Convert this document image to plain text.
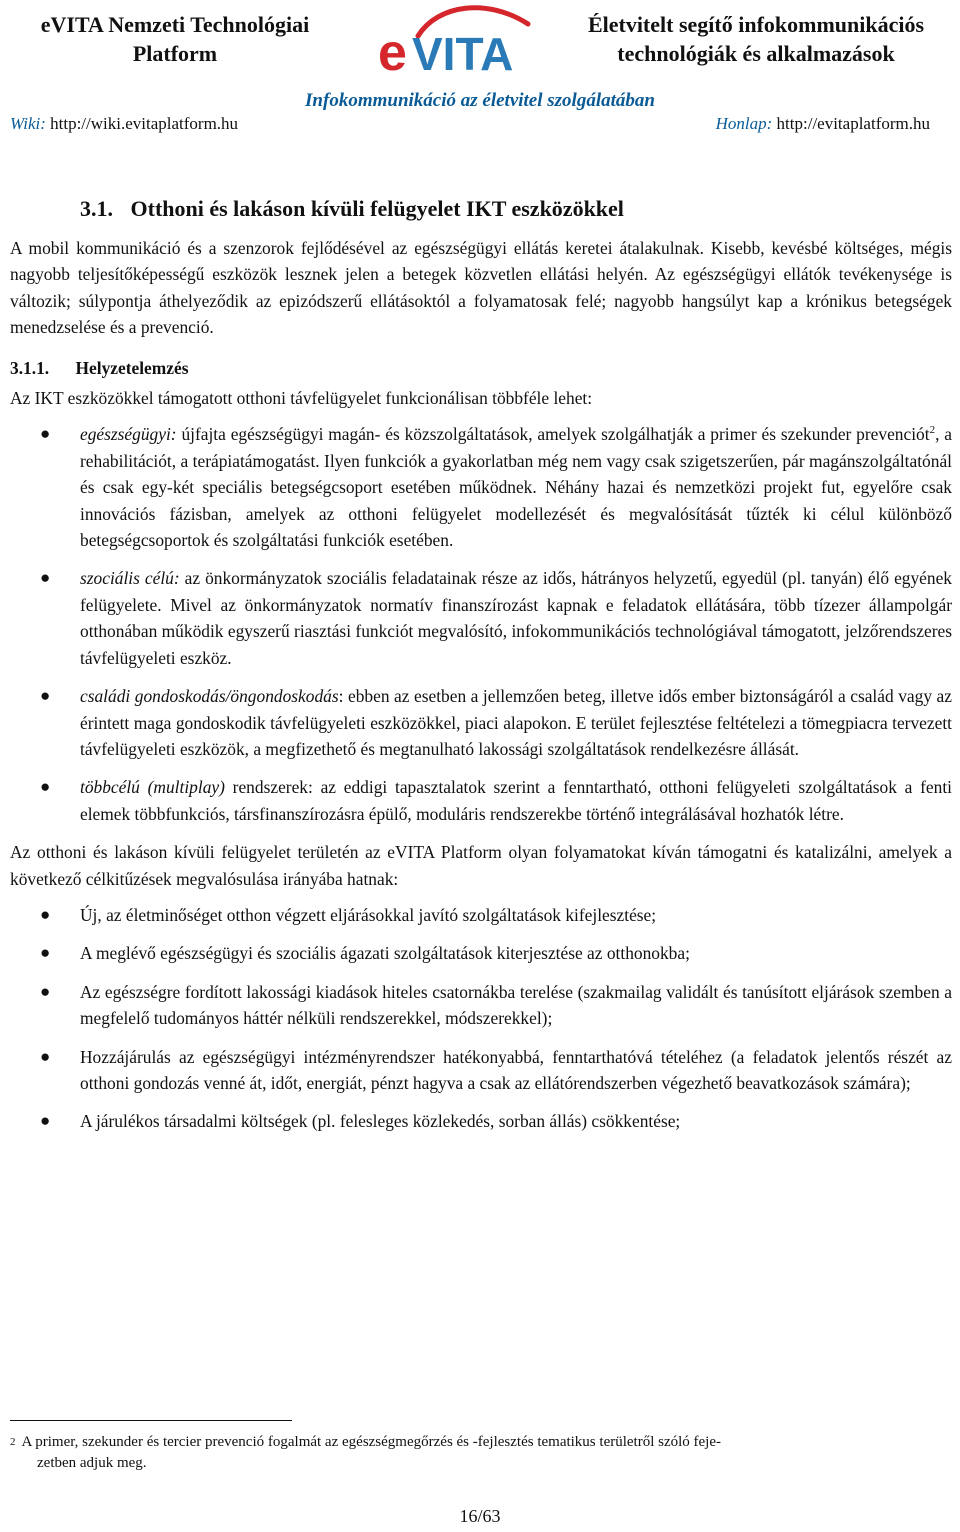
eVITA Nemzeti Technológiai
Platform	e VITA
Életvitelt segítő infokommunikációs
technológiák és alkalmazások
Infokommunikáció az életvitel szolgálatában
Wiki: http://wiki.evitaplatform.hu	Honlap: http://evitaplatform.hu
3.1. Otthoni és lakáson kívüli felügyelet IKT eszközökkel

A mobil kommunikáció és a szenzorok fejlődésével az egészségügyi ellátás keretei átalakulnak. Kisebb, kevésbé költséges, mégis nagyobb teljesítőképességű eszközök lesznek jelen a betegek közvetlen ellátási helyén. Az egészségügyi ellátók tevékenysége is változik; súlypontja áthelyeződik az epizódszerű ellátásoktól a folyamatosak felé; nagyobb hangsúlyt kap a krónikus betegségek menedzselése és a prevenció.

3.1.1. Helyzetelemzés

Az IKT eszközökkel támogatott otthoni távfelügyelet funkcionálisan többféle lehet:

● egészségügyi: újfajta egészségügyi magán- és közszolgáltatások, amelyek szolgálhatják a primer és szekunder prevenciót$^2$, a rehabilitációt, a terápiatámogatást. Ilyen funkciók a gyakorlatban még nem vagy csak szigetszerűen, pár magánszolgáltatónál és csak egy-két speciális betegségcsoport esetében működnek. Néhány hazai és nemzetközi projekt fut, egyelőre csak innovációs fázisban, amelyek az otthoni felügyelet modellezését és megvalósítását tűzték ki célul különböző betegségcsoportok és szolgáltatási funkciók esetében.
● szociális célú: az önkormányzatok szociális feladatainak része az idős, hátrányos helyzetű, egyedül (pl. tanyán) élő egyének felügyelete. Mivel az önkormányzatok normatív finanszírozást kapnak e feladatok ellátására, több tízezer állampolgár otthonában működik egyszerű riasztási funkciót megvalósító, infokommunikációs technológiával támogatott, jelzőrendszeres távfelügyeleti eszköz.
● családi gondoskodás/öngondoskodás: ebben az esetben a jellemzően beteg, illetve idős ember biztonságáról a család vagy az érintett maga gondoskodik távfelügyeleti eszközökkel, piaci alapokon. E terület fejlesztése feltételezi a tömegpiacra tervezett távfelügyeleti eszközök, a megfizethető és megtanulható lakossági szolgáltatások rendelkezésre állását.
● többcélú (multiplay) rendszerek: az eddigi tapasztalatok szerint a fenntartható, otthoni felügyeleti szolgáltatások a fenti elemek többfunkciós, társfinanszírozásra épülő, moduláris rendszerekbe történő integrálásával hozhatók létre.

Az otthoni és lakáson kívüli felügyelet területén az eVITA Platform olyan folyamatokat kíván támogatni és katalizálni, amelyek a következő célkitűzések megvalósulása irányába hatnak:

● Új, az életminőséget otthon végzett eljárásokkal javító szolgáltatások kifejlesztése;
● A meglévő egészségügyi és szociális ágazati szolgáltatások kiterjesztése az otthonokba;
● Az egészségre fordított lakossági kiadások hiteles csatornákba terelése (szakmailag validált és tanúsított eljárások szemben a megfelelő tudományos háttér nélküli rendszerekkel, módszerekkel);
● Hozzájárulás az egészségügyi intézményrendszer hatékonyabbá, fenntarthatóvá tételéhez (a feladatok jelentős részét az otthoni gondozás venné át, időt, energiát, pénzt hagyva a csak az ellátórendszerben végezhető beavatkozások számára);
● A járulékos társadalmi költségek (pl. felesleges közlekedés, sorban állás) csökkentése;
$^2$ A primer, szekunder és tercier prevenció fogalmát az egészségmegőrzés és -fejlesztés tematikus területről szóló feje-
zetben adjuk meg.
16/63
